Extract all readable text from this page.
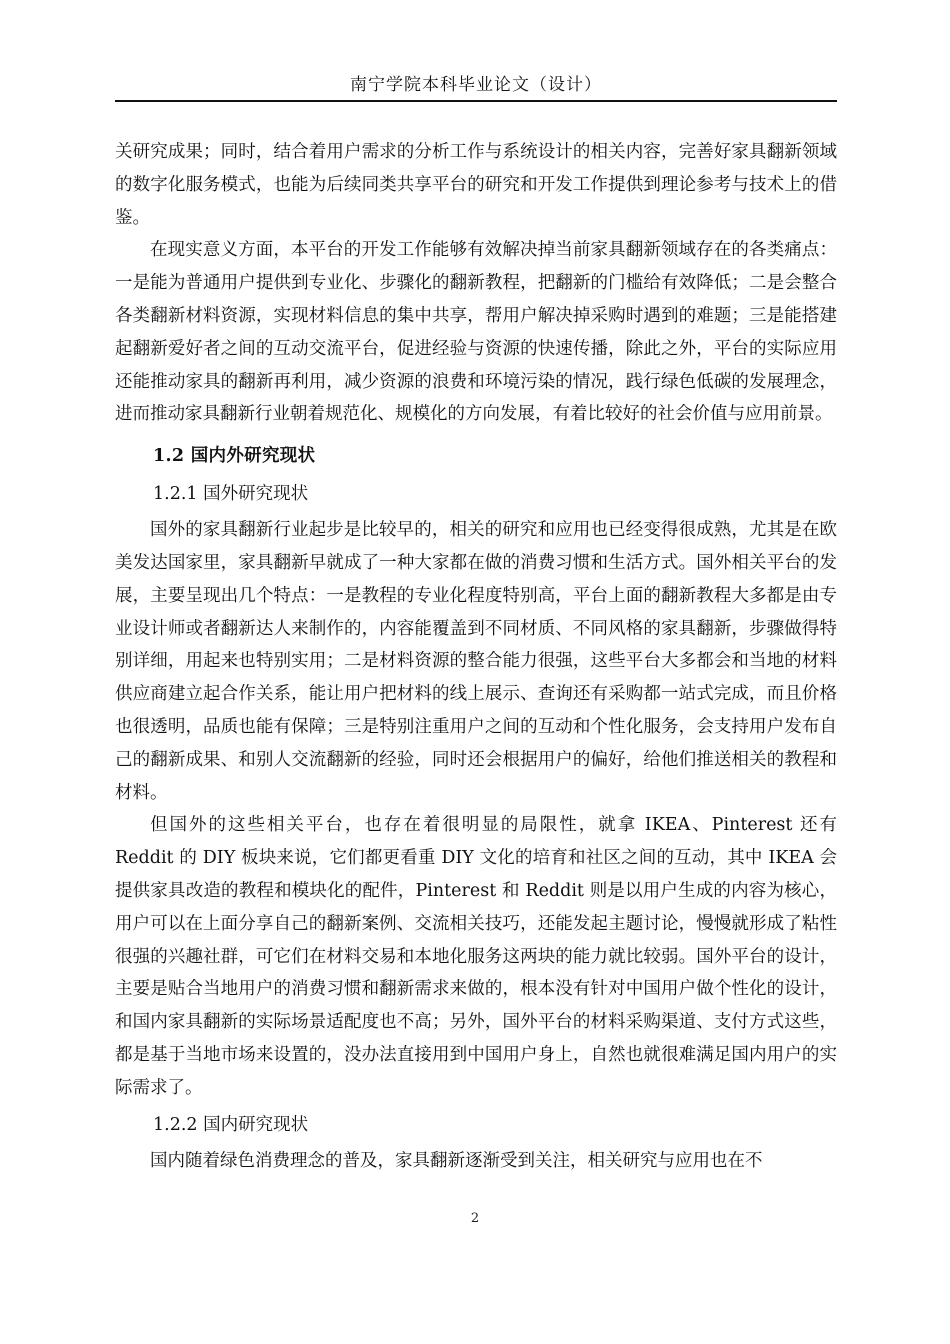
南宁学院本科毕业论文（设计）

关研究成果；同时，结合着用户需求的分析工作与系统设计的相关内容，完善好家具翻新领域的数字化服务模式，也能为后续同类共享平台的研究和开发工作提供到理论参考与技术上的借鉴。

在现实意义方面，本平台的开发工作能够有效解决掉当前家具翻新领域存在的各类痛点：一是能为普通用户提供到专业化、步骤化的翻新教程，把翻新的门槛给有效降低；二是会整合各类翻新材料资源，实现材料信息的集中共享，帮用户解决掉采购时遇到的难题；三是能搭建起翻新爱好者之间的互动交流平台，促进经验与资源的快速传播，除此之外，平台的实际应用还能推动家具的翻新再利用，减少资源的浪费和环境污染的情况，践行绿色低碳的发展理念，进而推动家具翻新行业朝着规范化、规模化的方向发展，有着比较好的社会价值与应用前景。

1.2 国内外研究现状
1.2.1 国外研究现状

国外的家具翻新行业起步是比较早的，相关的研究和应用也已经变得很成熟，尤其是在欧美发达国家里，家具翻新早就成了一种大家都在做的消费习惯和生活方式。国外相关平台的发展，主要呈现出几个特点：一是教程的专业化程度特别高，平台上面的翻新教程大多都是由专业设计师或者翻新达人来制作的，内容能覆盖到不同材质、不同风格的家具翻新，步骤做得特别详细，用起来也特别实用；二是材料资源的整合能力很强，这些平台大多都会和当地的材料供应商建立起合作关系，能让用户把材料的线上展示、查询还有采购都一站式完成，而且价格也很透明，品质也能有保障；三是特别注重用户之间的互动和个性化服务，会支持用户发布自己的翻新成果、和别人交流翻新的经验，同时还会根据用户的偏好，给他们推送相关的教程和材料。

但国外的这些相关平台，也存在着很明显的局限性，就拿 IKEA、Pinterest 还有 Reddit 的 DIY 板块来说，它们都更看重 DIY 文化的培育和社区之间的互动，其中 IKEA 会提供家具改造的教程和模块化的配件，Pinterest 和 Reddit 则是以用户生成的内容为核心，用户可以在上面分享自己的翻新案例、交流相关技巧，还能发起主题讨论，慢慢就形成了粘性很强的兴趣社群，可它们在材料交易和本地化服务这两块的能力就比较弱。国外平台的设计，主要是贴合当地用户的消费习惯和翻新需求来做的，根本没有针对中国用户做个性化的设计，和国内家具翻新的实际场景适配度也不高；另外，国外平台的材料采购渠道、支付方式这些，都是基于当地市场来设置的，没办法直接用到中国用户身上，自然也就很难满足国内用户的实际需求了。

1.2.2 国内研究现状

国内随着绿色消费理念的普及，家具翻新逐渐受到关注，相关研究与应用也在不

2
